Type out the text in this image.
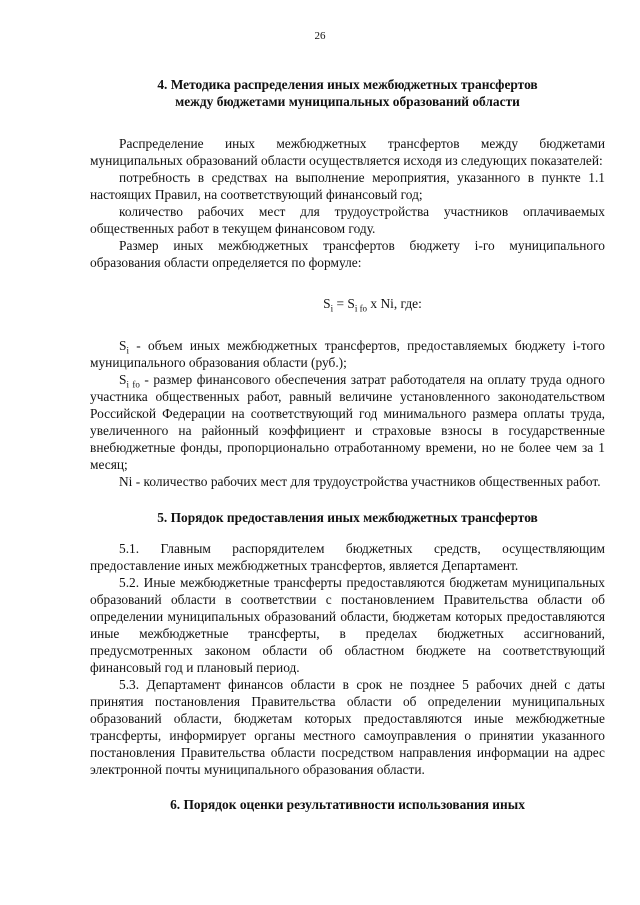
26
4. Методика распределения иных межбюджетных трансфертов
между бюджетами муниципальных образований области

Распределение иных межбюджетных трансфертов между бюджетами муниципальных образований области осуществляется исходя из следующих показателей:

потребность в средствах на выполнение мероприятия, указанного в пункте 1.1 настоящих Правил, на соответствующий финансовый год;

количество рабочих мест для трудоустройства участников оплачиваемых общественных работ в текущем финансовом году.

Размер иных межбюджетных трансфертов бюджету i-го муниципального образования области определяется по формуле:

$S_i = S_{i fo}$ x Ni, где:

$S_i$ - объем иных межбюджетных трансфертов, предоставляемых бюджету i-того муниципального образования области (руб.);

$S_{i fo}$ - размер финансового обеспечения затрат работодателя на оплату труда одного участника общественных работ, равный величине установленного законодательством Российской Федерации на соответствующий год минимального размера оплаты труда, увеличенного на районный коэффициент и страховые взносы в государственные внебюджетные фонды, пропорционально отработанному времени, но не более чем за 1 месяц;

Ni - количество рабочих мест для трудоустройства участников общественных работ.

5. Порядок предоставления иных межбюджетных трансфертов

5.1. Главным распорядителем бюджетных средств, осуществляющим предоставление иных межбюджетных трансфертов, является Департамент.

5.2. Иные межбюджетные трансферты предоставляются бюджетам муниципальных образований области в соответствии с постановлением Правительства области об определении муниципальных образований области, бюджетам которых предоставляются иные межбюджетные трансферты, в пределах бюджетных ассигнований, предусмотренных законом области об областном бюджете на соответствующий финансовый год и плановый период.

5.3. Департамент финансов области в срок не позднее 5 рабочих дней с даты принятия постановления Правительства области об определении муниципальных образований области, бюджетам которых предоставляются иные межбюджетные трансферты, информирует органы местного самоуправления о принятии указанного постановления Правительства области посредством направления информации на адрес электронной почты муниципального образования области.

6. Порядок оценки результативности использования иных
